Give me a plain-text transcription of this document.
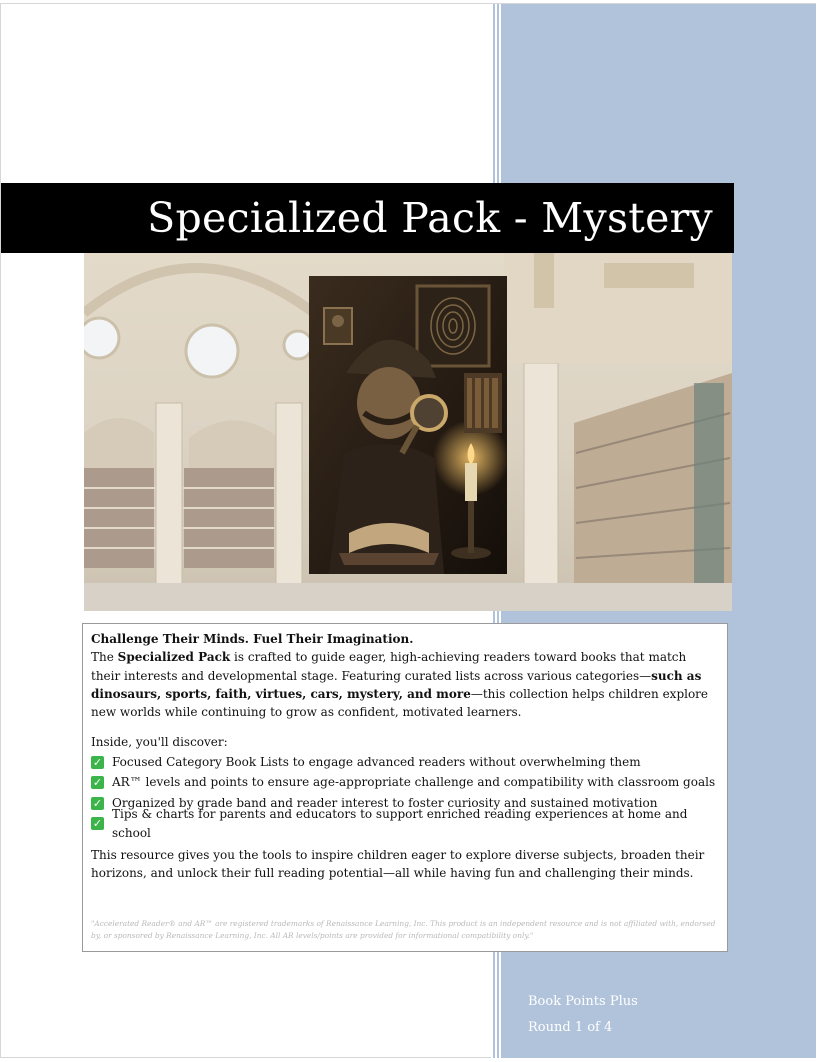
Specialized Pack - Mystery

Challenge Their Minds. Fuel Their Imagination.

The Specialized Pack is crafted to guide eager, high-achieving readers toward books that match their interests and developmental stage. Featuring curated lists across various categories—such as dinosaurs, sports, faith, virtues, cars, mystery, and more—this collection helps children explore new worlds while continuing to grow as confident, motivated learners.

Inside, you'll discover:

✓ Focused Category Book Lists to engage advanced readers without overwhelming them
✓ AR™ levels and points to ensure age-appropriate challenge and compatibility with classroom goals
✓ Organized by grade band and reader interest to foster curiosity and sustained motivation
✓
Tips & charts for parents and educators to support enriched reading experiences at home and school

This resource gives you the tools to inspire children eager to explore diverse subjects, broaden their horizons, and unlock their full reading potential—all while having fun and challenging their minds.

"Accelerated Reader® and AR™ are registered trademarks of Renaissance Learning, Inc. This product is an independent resource and is not affiliated with, endorsed by, or sponsored by Renaissance Learning, Inc. All AR levels/points are provided for informational compatibility only."

Book Points Plus
Round 1 of 4
